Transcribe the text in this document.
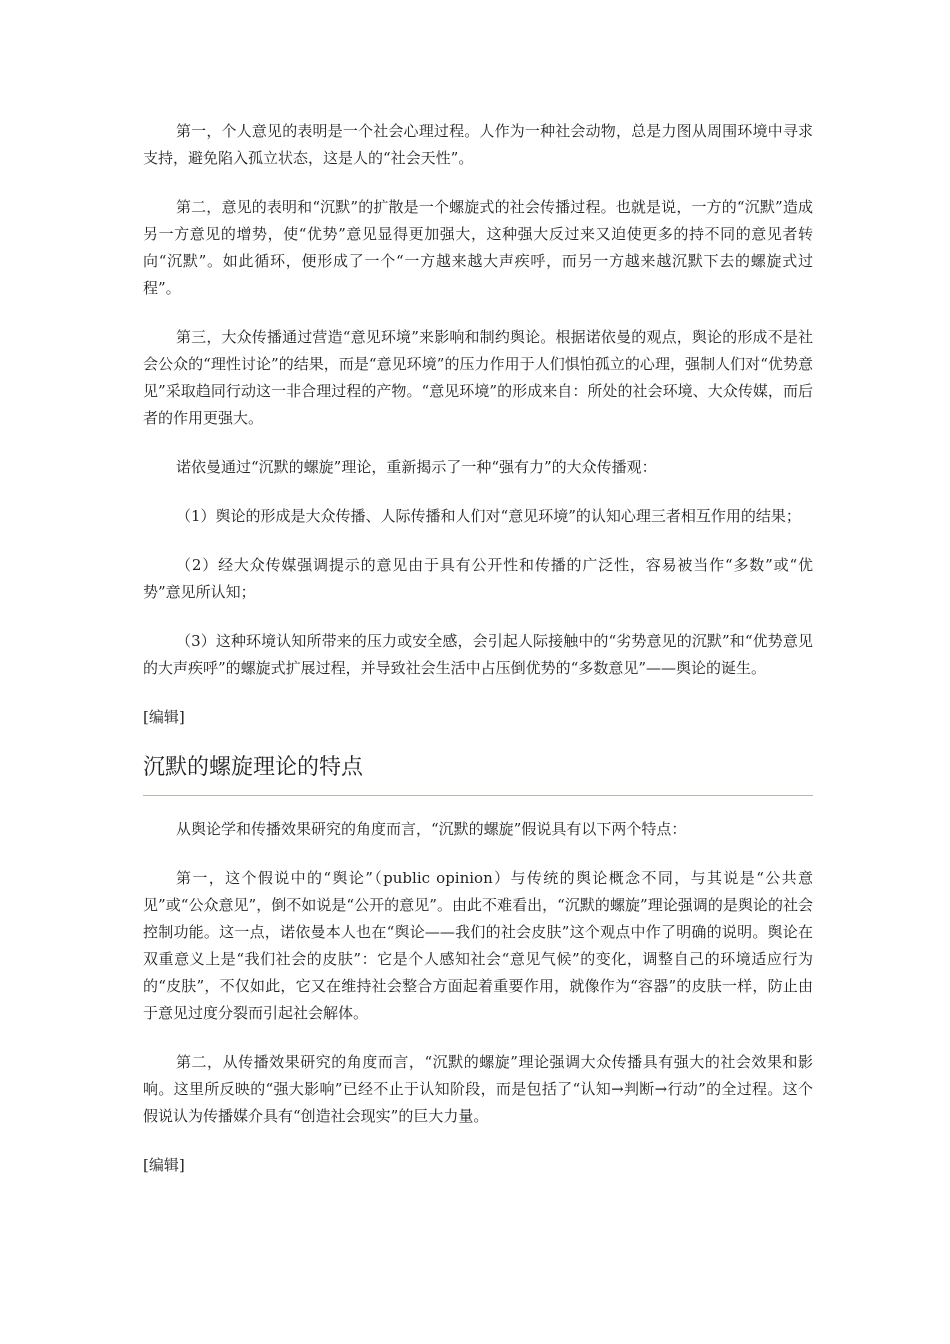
第一，个人意见的表明是一个社会心理过程。人作为一种社会动物，总是力图从周围环境中寻求支持，避免陷入孤立状态，这是人的“社会天性”。

第二，意见的表明和“沉默”的扩散是一个螺旋式的社会传播过程。也就是说，一方的“沉默”造成另一方意见的增势，使“优势”意见显得更加强大，这种强大反过来又迫使更多的持不同的意见者转向“沉默”。如此循环，便形成了一个“一方越来越大声疾呼，而另一方越来越沉默下去的螺旋式过程”。

第三，大众传播通过营造“意见环境”来影响和制约舆论。根据诺依曼的观点，舆论的形成不是社会公众的“理性讨论”的结果，而是“意见环境”的压力作用于人们惧怕孤立的心理，强制人们对“优势意见”采取趋同行动这一非合理过程的产物。“意见环境”的形成来自：所处的社会环境、大众传媒，而后者的作用更强大。

诺依曼通过“沉默的螺旋”理论，重新揭示了一种“强有力”的大众传播观：

（1）舆论的形成是大众传播、人际传播和人们对“意见环境”的认知心理三者相互作用的结果；

（2）经大众传媒强调提示的意见由于具有公开性和传播的广泛性，容易被当作“多数”或“优势”意见所认知；

（3）这种环境认知所带来的压力或安全感，会引起人际接触中的“劣势意见的沉默”和“优势意见的大声疾呼”的螺旋式扩展过程，并导致社会生活中占压倒优势的“多数意见”——舆论的诞生。

[编辑]
沉默的螺旋理论的特点

从舆论学和传播效果研究的角度而言，“沉默的螺旋”假说具有以下两个特点：

第一，这个假说中的“舆论”（public opinion）与传统的舆论概念不同，与其说是“公共意见”或“公众意见”，倒不如说是“公开的意见”。由此不难看出，“沉默的螺旋”理论强调的是舆论的社会控制功能。这一点，诺依曼本人也在“舆论——我们的社会皮肤”这个观点中作了明确的说明。舆论在双重意义上是“我们社会的皮肤”：它是个人感知社会“意见气候”的变化，调整自己的环境适应行为的“皮肤”，不仅如此，它又在维持社会整合方面起着重要作用，就像作为“容器”的皮肤一样，防止由于意见过度分裂而引起社会解体。

第二，从传播效果研究的角度而言，“沉默的螺旋”理论强调大众传播具有强大的社会效果和影响。这里所反映的“强大影响”已经不止于认知阶段，而是包括了“认知→判断→行动”的全过程。这个假说认为传播媒介具有“创造社会现实”的巨大力量。

[编辑]
